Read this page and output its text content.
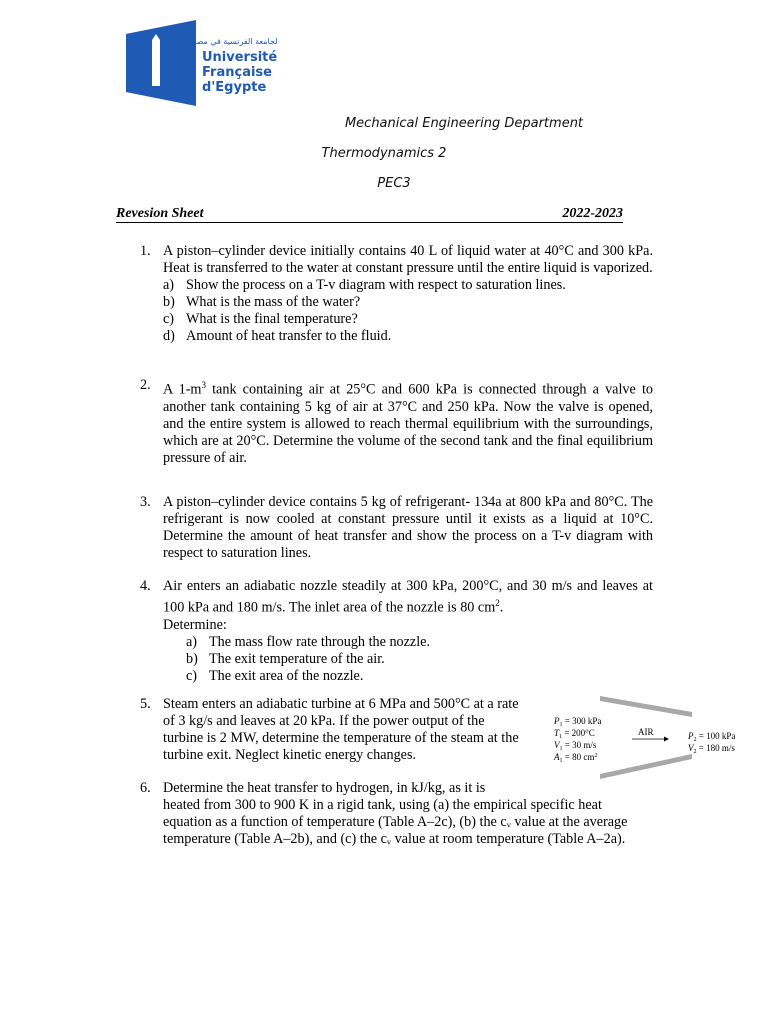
الجامعة الفرنسية في مصر
Université
Française
d'Egypte
Mechanical Engineering Department
Thermodynamics 2
PEC3
Revesion Sheet	2022-2023
1. A piston–cylinder device initially contains 40 L of liquid water at 40°C and 300 kPa. Heat is transferred to the water at constant pressure until the entire liquid is vaporized.
a) Show the process on a T-v diagram with respect to saturation lines.
b) What is the mass of the water?
c) What is the final temperature?
d) Amount of heat transfer to the fluid.
2. A $1-m^3$ tank containing air at 25°C and 600 kPa is connected through a valve to another tank containing 5 kg of air at 37°C and 250 kPa. Now the valve is opened, and the entire system is allowed to reach thermal equilibrium with the surroundings, which are at 20°C. Determine the volume of the second tank and the final equilibrium pressure of air.
3. A piston–cylinder device contains 5 kg of refrigerant- 134a at 800 kPa and 80°C. The refrigerant is now cooled at constant pressure until it exists as a liquid at 10°C. Determine the amount of heat transfer and show the process on a T-v diagram with respect to saturation lines.
4. Air enters an adiabatic nozzle steadily at 300 kPa, 200°C, and 30 m/s and leaves at 100 kPa and 180 m/s. The inlet area of the nozzle is 80 $cm^2$.
Determine:
a) The mass flow rate through the nozzle.
b) The exit temperature of the air.
c) The exit area of the nozzle.
5. Steam enters an adiabatic turbine at 6 MPa and 500°C at a rate of 3 kg/s and leaves at 20 kPa. If the power output of the turbine is 2 MW, determine the temperature of the steam at the turbine exit. Neglect kinetic energy changes.
AIR
$P_1 = 300$ kPa
$T_1 = 200^\circ C$
$V_1 = 30$ m/s
$A_1 = 80$ $cm^2$
$P_2 = 100$ kPa
$V_2 = 180$ m/s
6. Determine the heat transfer to hydrogen, in kJ/kg, as it is
heated from 300 to 900 K in a rigid tank, using (a) the empirical specific heat equation as a function of temperature (Table A–2c), (b) the cᵥ value at the average temperature (Table A–2b), and (c) the cᵥ value at room temperature (Table A–2a).
